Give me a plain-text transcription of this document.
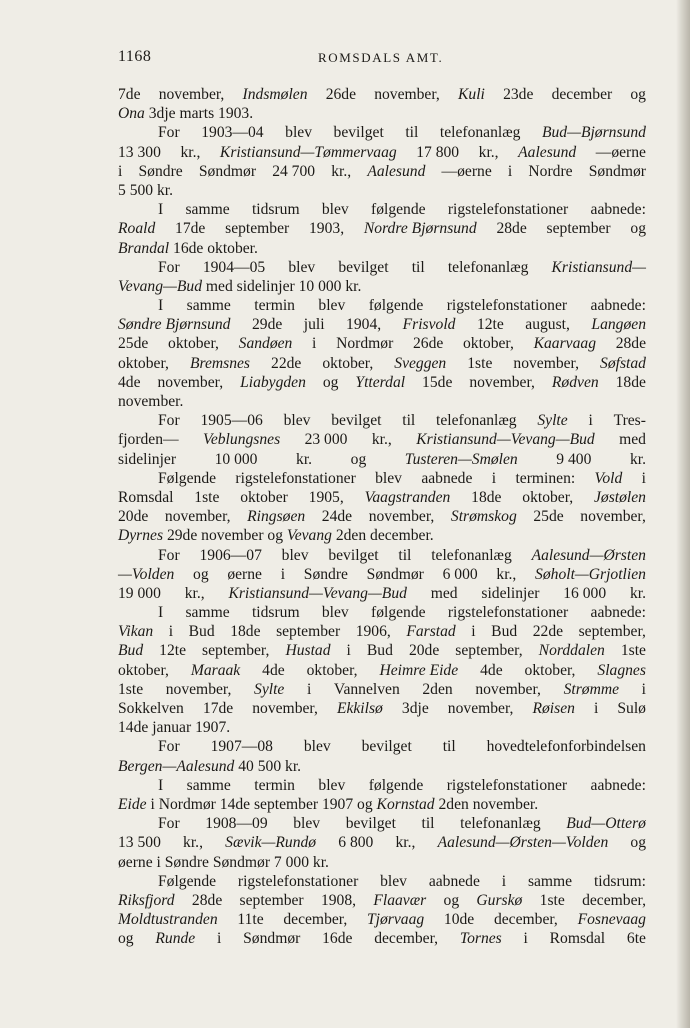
1168	ROMSDALS AMT.
7de november, Indsmølen 26de november, Kuli 23de december og
Ona 3dje marts 1903.
For 1903—04 blev bevilget til telefonanlæg Bud—Bjørnsund
13 300 kr., Kristiansund—Tømmervaag 17 800 kr., Aalesund —øerne
i Søndre Søndmør 24 700 kr., Aalesund —øerne i Nordre Søndmør
5 500 kr.
I samme tidsrum blev følgende rigstelefonstationer aabnede:
Roald 17de september 1903, Nordre Bjørnsund 28de september og
Brandal 16de oktober.
For 1904—05 blev bevilget til telefonanlæg Kristiansund—
Vevang—Bud med sidelinjer 10 000 kr.
I samme termin blev følgende rigstelefonstationer aabnede:
Søndre Bjørnsund 29de juli 1904, Frisvold 12te august, Langøen
25de oktober, Sandøen i Nordmør 26de oktober, Kaarvaag 28de
oktober, Bremsnes 22de oktober, Sveggen 1ste november, Søfstad
4de november, Liabygden og Ytterdal 15de november, Rødven 18de
november.
For 1905—06 blev bevilget til telefonanlæg Sylte i Tres-
fjorden— Veblungsnes 23 000 kr., Kristiansund—Vevang—Bud med
sidelinjer 10 000 kr. og Tusteren—Smølen 9 400 kr.
Følgende rigstelefonstationer blev aabnede i terminen: Vold i
Romsdal 1ste oktober 1905, Vaagstranden 18de oktober, Jøstølen
20de november, Ringsøen 24de november, Strømskog 25de november,
Dyrnes 29de november og Vevang 2den december.
For 1906—07 blev bevilget til telefonanlæg Aalesund—Ørsten
—Volden og øerne i Søndre Søndmør 6 000 kr., Søholt—Grjotlien
19 000 kr., Kristiansund—Vevang—Bud med sidelinjer 16 000 kr.
I samme tidsrum blev følgende rigstelefonstationer aabnede:
Vikan i Bud 18de september 1906, Farstad i Bud 22de september,
Bud 12te september, Hustad i Bud 20de september, Norddalen 1ste
oktober, Maraak 4de oktober, Heimre Eide 4de oktober, Slagnes
1ste november, Sylte i Vannelven 2den november, Strømme i
Sokkelven 17de november, Ekkilsø 3dje november, Røisen i Sulø
14de januar 1907.
For 1907—08 blev bevilget til hovedtelefonforbindelsen
Bergen—Aalesund 40 500 kr.
I samme termin blev følgende rigstelefonstationer aabnede:
Eide i Nordmør 14de september 1907 og Kornstad 2den november.
For 1908—09 blev bevilget til telefonanlæg Bud—Otterø
13 500 kr., Sævik—Rundø 6 800 kr., Aalesund—Ørsten—Volden og
øerne i Søndre Søndmør 7 000 kr.
Følgende rigstelefonstationer blev aabnede i samme tidsrum:
Riksfjord 28de september 1908, Flaavær og Gurskø 1ste december,
Moldtustranden 11te december, Tjørvaag 10de december, Fosnevaag
og Runde i Søndmør 16de december, Tornes i Romsdal 6te
